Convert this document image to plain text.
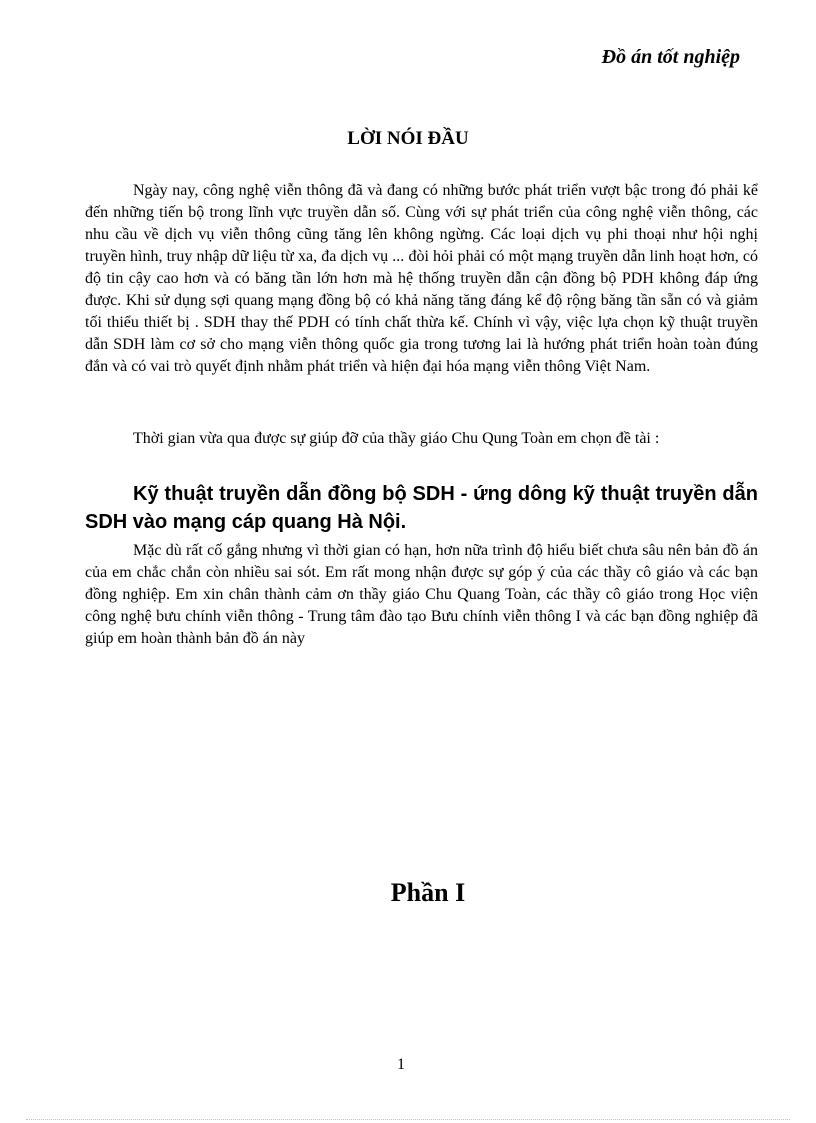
Đồ án tốt nghiệp
LỜI NÓI ĐẦU

Ngày nay, công nghệ viễn thông đã và đang có những bước phát triển vượt bậc trong đó phải kể đến những tiến bộ trong lĩnh vực truyền dẫn số. Cùng với sự phát triển của công nghệ viễn thông, các nhu cầu về dịch vụ viễn thông cũng tăng lên không ngừng. Các loại dịch vụ phi thoại như hội nghị truyền hình, truy nhập dữ liệu từ xa, đa dịch vụ ... đòi hỏi phải có một mạng truyền dẫn linh hoạt hơn, có độ tin cậy cao hơn và có băng tần lớn hơn mà hệ thống truyền dẫn cận đồng bộ PDH không đáp ứng được. Khi sử dụng sợi quang mạng đồng bộ có khả năng tăng đáng kể độ rộng băng tần sẵn có và giảm tối thiểu thiết bị . SDH thay thế PDH có tính chất thừa kế. Chính vì vậy, việc lựa chọn kỹ thuật truyền dẫn SDH làm cơ sở cho mạng viễn thông quốc gia trong tương lai là hướng phát triển hoàn toàn đúng đắn và có vai trò quyết định nhằm phát triển và hiện đại hóa mạng viễn thông Việt Nam.

Thời gian vừa qua được sự giúp đỡ của thầy giáo Chu Qung Toàn em chọn đề tài :

Kỹ thuật truyền dẫn đồng bộ SDH - ứng dông kỹ thuật truyền dẫn SDH vào mạng cáp quang Hà Nội.

Mặc dù rất cố gắng nhưng vì thời gian có hạn, hơn nữa trình độ hiểu biết chưa sâu nên bản đồ án của em chắc chắn còn nhiều sai sót. Em rất mong nhận được sự góp ý của các thầy cô giáo và các bạn đồng nghiệp. Em xin chân thành cảm ơn thầy giáo Chu Quang Toàn, các thầy cô giáo trong Học viện công nghệ bưu chính viễn thông - Trung tâm đào tạo Bưu chính viễn thông I và các bạn đồng nghiệp đã giúp em hoàn thành bản đồ án này

Phần I
1
